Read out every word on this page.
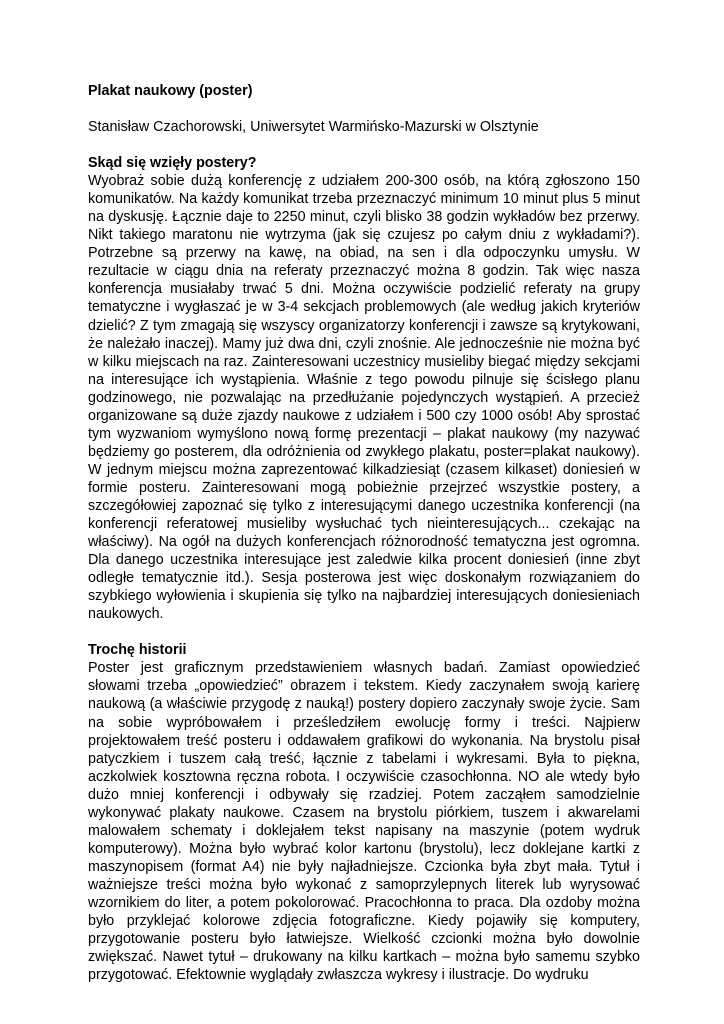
Plakat naukowy (poster)

Stanisław Czachorowski, Uniwersytet Warmińsko-Mazurski w Olsztynie

Skąd się wzięły postery?

Wyobraż sobie dużą konferencję z udziałem 200-300 osób, na którą zgłoszono 150 komunikatów. Na każdy komunikat trzeba przeznaczyć minimum 10 minut plus 5 minut na dyskusję. Łącznie daje to 2250 minut, czyli blisko 38 godzin wykładów bez przerwy. Nikt takiego maratonu nie wytrzyma (jak się czujesz po całym dniu z wykładami?). Potrzebne są przerwy na kawę, na obiad, na sen i dla odpoczynku umysłu. W rezultacie w ciągu dnia na referaty przeznaczyć można 8 godzin. Tak więc nasza konferencja musiałaby trwać 5 dni. Można oczywiście podzielić referaty na grupy tematyczne i wygłaszać je w 3-4 sekcjach problemowych (ale według jakich kryteriów dzielić? Z tym zmagają się wszyscy organizatorzy konferencji i zawsze są krytykowani, że należało inaczej). Mamy już dwa dni, czyli znośnie. Ale jednocześnie nie można być w kilku miejscach na raz. Zainteresowani uczestnicy musieliby biegać między sekcjami na interesujące ich wystąpienia. Właśnie z tego powodu pilnuje się ścisłego planu godzinowego, nie pozwalając na przedłużanie pojedynczych wystąpień. A przecież organizowane są duże zjazdy naukowe z udziałem i 500 czy 1000 osób! Aby sprostać tym wyzwaniom wymyślono nową formę prezentacji – plakat naukowy (my nazywać będziemy go posterem, dla odróżnienia od zwykłego plakatu, poster=plakat naukowy). W jednym miejscu można zaprezentować kilkadziesiąt (czasem kilkaset) doniesień w formie posteru. Zainteresowani mogą pobieżnie przejrzeć wszystkie postery, a szczegółowiej zapoznać się tylko z interesującymi danego uczestnika konferencji (na konferencji referatowej musieliby wysłuchać tych nieinteresujących... czekając na właściwy). Na ogół na dużych konferencjach różnorodność tematyczna jest ogromna. Dla danego uczestnika interesujące jest zaledwie kilka procent doniesień (inne zbyt odległe tematycznie itd.). Sesja posterowa jest więc doskonałym rozwiązaniem do szybkiego wyłowienia i skupienia się tylko na najbardziej interesujących doniesieniach naukowych.

Trochę historii

Poster jest graficznym przedstawieniem własnych badań. Zamiast opowiedzieć słowami trzeba „opowiedzieć” obrazem i tekstem. Kiedy zaczynałem swoją karierę naukową (a właściwie przygodę z nauką!) postery dopiero zaczynały swoje życie. Sam na sobie wypróbowałem i prześledziłem ewolucję formy i treści. Najpierw projektowałem treść posteru i oddawałem grafikowi do wykonania. Na brystolu pisał patyczkiem i tuszem całą treść, łącznie z tabelami i wykresami. Była to piękna, aczkolwiek kosztowna ręczna robota. I oczywiście czasochłonna. NO ale wtedy było dużo mniej konferencji i odbywały się rzadziej. Potem zacząłem samodzielnie wykonywać plakaty naukowe. Czasem na brystolu piórkiem, tuszem i akwarelami malowałem schematy i doklejałem tekst napisany na maszynie (potem wydruk komputerowy). Można było wybrać kolor kartonu (brystolu), lecz doklejane kartki z maszynopisem (format A4) nie były najładniejsze. Czcionka była zbyt mała. Tytuł i ważniejsze treści można było wykonać z samoprzylepnych literek lub wyrysować wzornikiem do liter, a potem pokolorować. Pracochłonna to praca. Dla ozdoby można było przyklejać kolorowe zdjęcia fotograficzne. Kiedy pojawiły się komputery, przygotowanie posteru było łatwiejsze. Wielkość czcionki można było dowolnie zwiększać. Nawet tytuł – drukowany na kilku kartkach – można było samemu szybko przygotować. Efektownie wyglądały zwłaszcza wykresy i ilustracje. Do wydruku
